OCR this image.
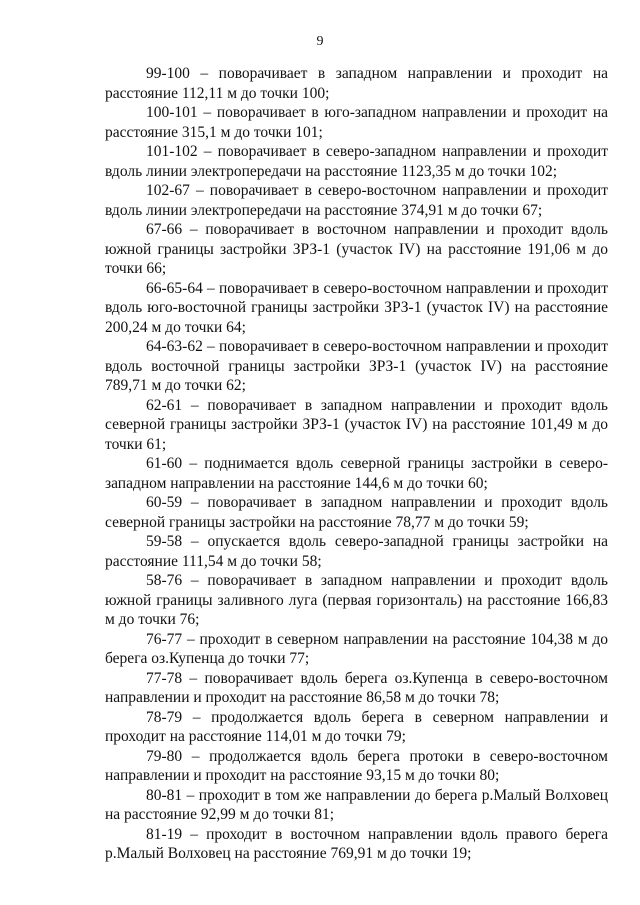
9

99-100 – поворачивает в западном направлении и проходит на расстояние 112,11 м до точки 100;

100-101 – поворачивает в юго-западном направлении и проходит на расстояние 315,1 м до точки 101;

101-102 – поворачивает в северо-западном направлении и проходит вдоль линии электропередачи на расстояние 1123,35 м до точки 102;

102-67 – поворачивает в северо-восточном направлении и проходит вдоль линии электропередачи на расстояние 374,91 м до точки 67;

67-66 – поворачивает в восточном направлении и проходит вдоль южной границы застройки ЗРЗ-1 (участок IV) на расстояние 191,06 м до точки 66;

66-65-64 – поворачивает в северо-восточном направлении и проходит вдоль юго-восточной границы застройки ЗРЗ-1 (участок IV) на расстояние 200,24 м до точки 64;

64-63-62 – поворачивает в северо-восточном направлении и проходит вдоль восточной границы застройки ЗРЗ-1 (участок IV) на расстояние 789,71 м до точки 62;

62-61 – поворачивает в западном направлении и проходит вдоль северной границы застройки ЗРЗ-1 (участок IV) на расстояние 101,49 м до точки 61;

61-60 – поднимается вдоль северной границы застройки в северо-западном направлении на расстояние 144,6 м до точки 60;

60-59 – поворачивает в западном направлении и проходит вдоль северной границы застройки на расстояние 78,77 м до точки 59;

59-58 – опускается вдоль северо-западной границы застройки на расстояние 111,54 м до точки 58;

58-76 – поворачивает в западном направлении и проходит вдоль южной границы заливного луга (первая горизонталь) на расстояние 166,83 м до точки 76;

76-77 – проходит в северном направлении на расстояние 104,38 м до берега оз.Купенца до точки 77;

77-78 – поворачивает вдоль берега оз.Купенца в северо-восточном направлении и проходит на расстояние 86,58 м до точки 78;

78-79 – продолжается вдоль берега в северном направлении и проходит на расстояние 114,01 м до точки 79;

79-80 – продолжается вдоль берега протоки в северо-восточном направлении и проходит на расстояние 93,15 м до точки 80;

80-81 – проходит в том же направлении до берега р.Малый Волховец на расстояние 92,99 м до точки 81;

81-19 – проходит в восточном направлении вдоль правого берега р.Малый Волховец на расстояние 769,91 м до точки 19;
